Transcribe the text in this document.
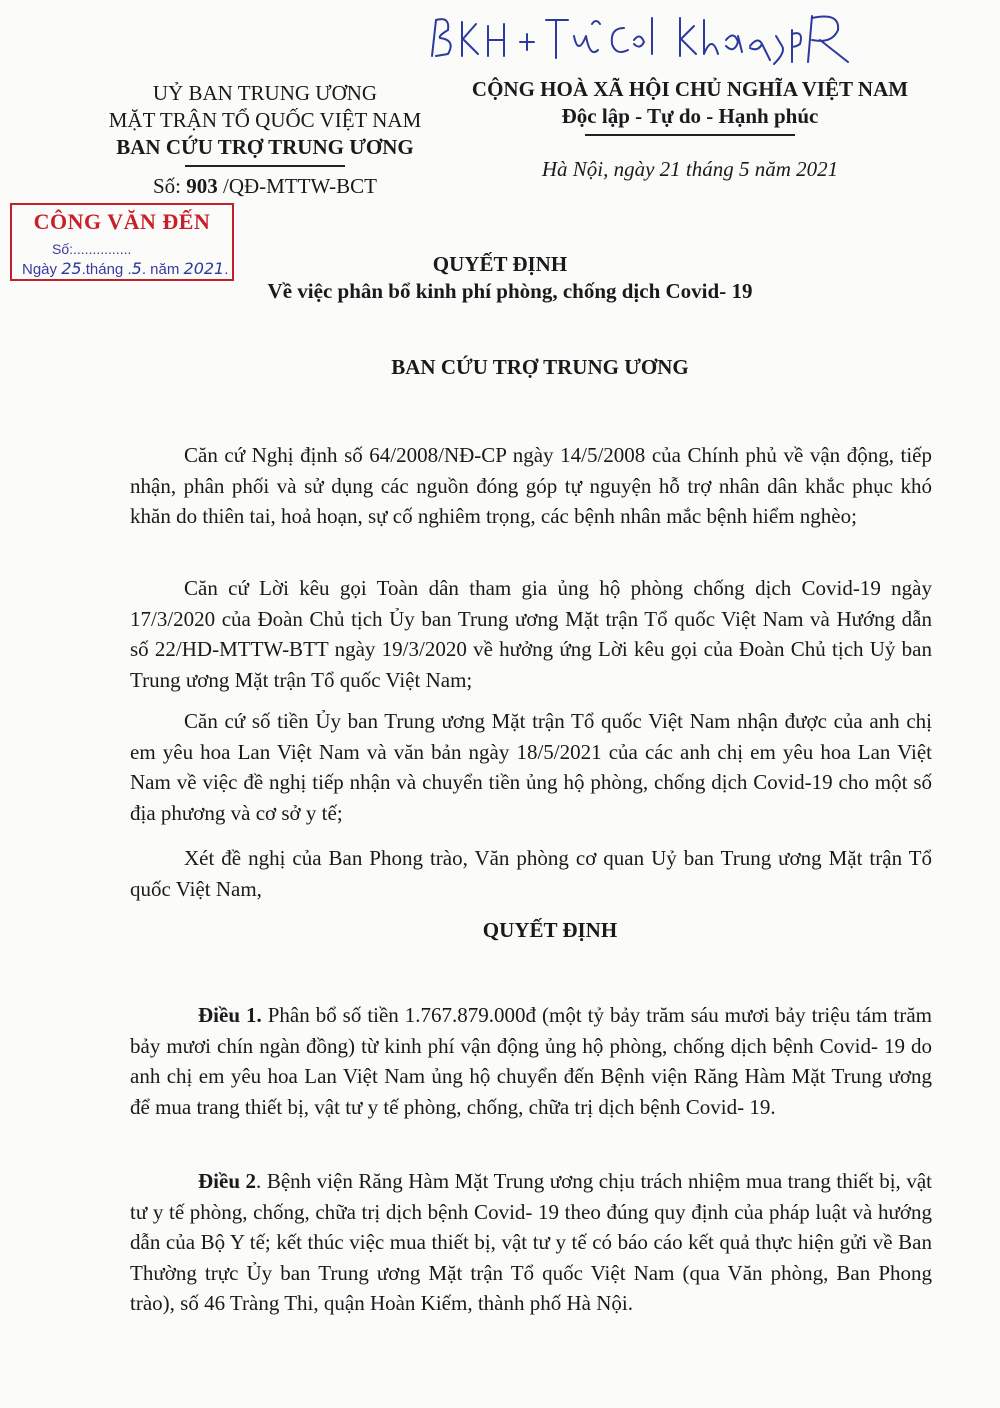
UỶ BAN TRUNG ƯƠNG
MẶT TRẬN TỔ QUỐC VIỆT NAM
BAN CỨU TRỢ TRUNG ƯƠNG
Số: 903 /QĐ-MTTW-BCT
CỘNG HOÀ XÃ HỘI CHỦ NGHĨA VIỆT NAM
Độc lập - Tự do - Hạnh phúc
Hà Nội, ngày 21 tháng 5 năm 2021
CÔNG VĂN ĐẾN
Số:...............
Ngày 25.tháng .5. năm 2021.	QUYẾT ĐỊNH
Về việc phân bổ kinh phí phòng, chống dịch Covid- 19
BAN CỨU TRỢ TRUNG ƯƠNG
Căn cứ Nghị định số 64/2008/NĐ-CP ngày 14/5/2008 của Chính phủ về vận động, tiếp nhận, phân phối và sử dụng các nguồn đóng góp tự nguyện hỗ trợ nhân dân khắc phục khó khăn do thiên tai, hoả hoạn, sự cố nghiêm trọng, các bệnh nhân mắc bệnh hiểm nghèo;
Căn cứ Lời kêu gọi Toàn dân tham gia ủng hộ phòng chống dịch Covid-19 ngày 17/3/2020 của Đoàn Chủ tịch Ủy ban Trung ương Mặt trận Tổ quốc Việt Nam và Hướng dẫn số 22/HD-MTTW-BTT ngày 19/3/2020 về hưởng ứng Lời kêu gọi của Đoàn Chủ tịch Uỷ ban Trung ương Mặt trận Tổ quốc Việt Nam;
Căn cứ số tiền Ủy ban Trung ương Mặt trận Tổ quốc Việt Nam nhận được của anh chị em yêu hoa Lan Việt Nam và văn bản ngày 18/5/2021 của các anh chị em yêu hoa Lan Việt Nam về việc đề nghị tiếp nhận và chuyển tiền ủng hộ phòng, chống dịch Covid-19 cho một số địa phương và cơ sở y tế;
Xét đề nghị của Ban Phong trào, Văn phòng cơ quan Uỷ ban Trung ương Mặt trận Tổ quốc Việt Nam,
QUYẾT ĐỊNH
Điều 1. Phân bổ số tiền 1.767.879.000đ (một tỷ bảy trăm sáu mươi bảy triệu tám trăm bảy mươi chín ngàn đồng) từ kinh phí vận động ủng hộ phòng, chống dịch bệnh Covid- 19 do anh chị em yêu hoa Lan Việt Nam ủng hộ chuyển đến Bệnh viện Răng Hàm Mặt Trung ương để mua trang thiết bị, vật tư y tế phòng, chống, chữa trị dịch bệnh Covid- 19.
Điều 2. Bệnh viện Răng Hàm Mặt Trung ương chịu trách nhiệm mua trang thiết bị, vật tư y tế phòng, chống, chữa trị dịch bệnh Covid- 19 theo đúng quy định của pháp luật và hướng dẫn của Bộ Y tế; kết thúc việc mua thiết bị, vật tư y tế có báo cáo kết quả thực hiện gửi về Ban Thường trực Ủy ban Trung ương Mặt trận Tổ quốc Việt Nam (qua Văn phòng, Ban Phong trào), số 46 Tràng Thi, quận Hoàn Kiếm, thành phố Hà Nội.
